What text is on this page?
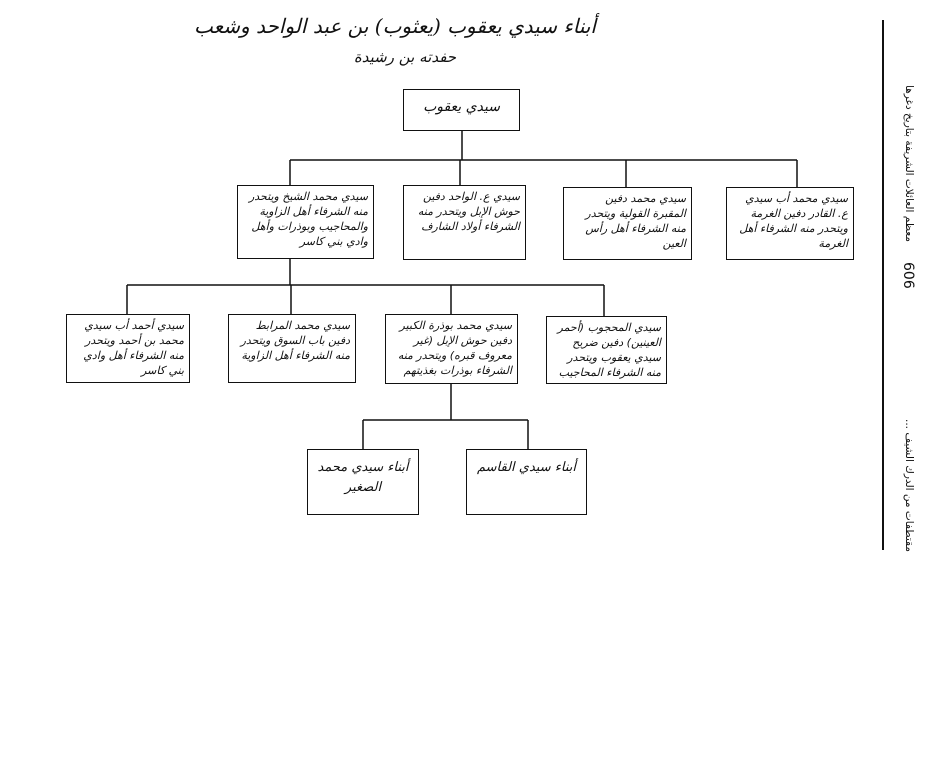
أبناء سيدي يعقوب (يعثوب) بن عبد الواحد وشعب
حفدته بن رشيدة
سيدي يعقوب
سيدي محمد الشيخ ويتحدر منه الشرفاء أهل الزاوية والمحاجيب وبوذرات وأهل وادي بني كاسر
سيدي ع. الواحد دفين حوش الإبل ويتحدر منه الشرفاء أولاد الشارف
سيدي محمد دفين المقبرة القولية ويتحدر منه الشرفاء أهل رأس العين
سيدي محمد أب سيدي ع. القادر دفين الغرمة ويتحدر منه الشرفاء أهل الغرمة
سيدي أحمد أب سيدي محمد بن أحمد ويتحدر منه الشرفاء أهل وادي بني كاسر
سيدي محمد المرابط دفين باب السوق ويتحدر منه الشرفاء أهل الزاوية
سيدي محمد بوذرة الكبير دفين حوش الإبل (غير معروف قبره) ويتحدر منه الشرفاء بوذرات بغذيتهم
سيدي المحجوب (أحمر العينين) دفين ضريح سيدي يعقوب ويتحدر منه الشرفاء المحاجيب
أبناء سيدي محمد الصغير
أبناء سيدي القاسم
معظم العائلات الشريفة بتاريخ دغرها
606
مقتطفات من الدرك الشيف ...
